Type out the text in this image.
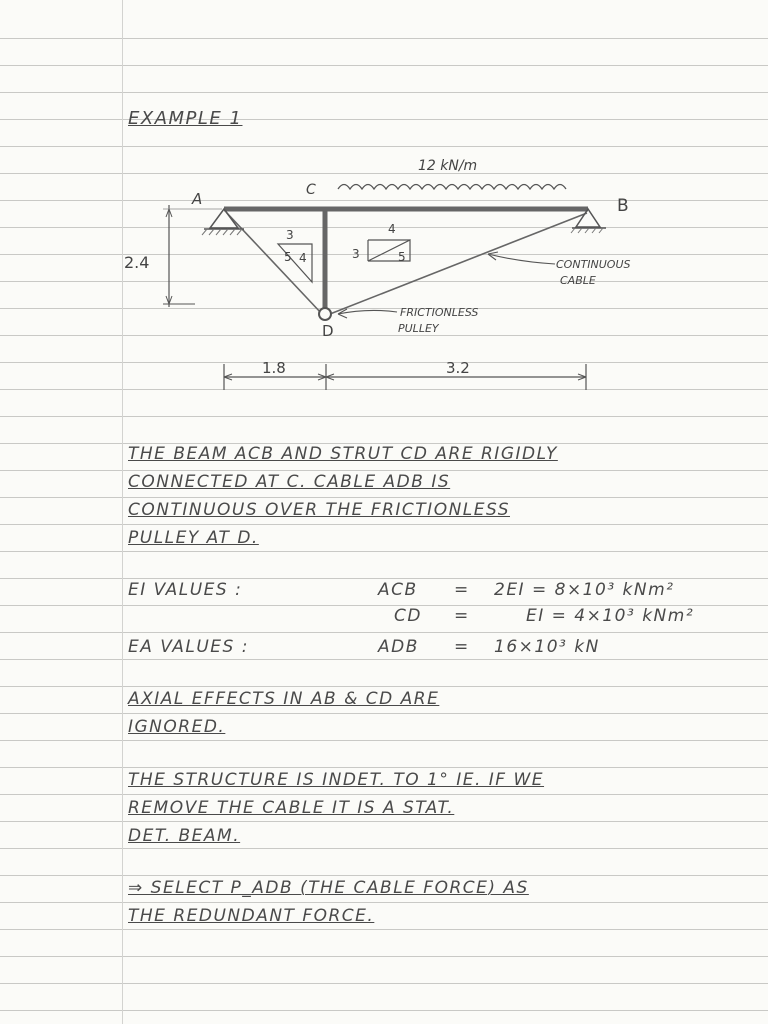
EXAMPLE 1
12 kN/m
A	C
B
D
2.4
3
4
5
4
3	5
CONTINUOUS
CABLE
FRICTIONLESS
PULLEY
1.8	3.2
THE BEAM ACB AND STRUT CD ARE RIGIDLY
CONNECTED AT C. CABLE ADB IS
CONTINUOUS OVER THE FRICTIONLESS
PULLEY AT D.
EI VALUES :	ACB = 2EI = 8×10³ kNm²
CD =	EI = 4×10³ kNm²
EA VALUES :	ADB = 16×10³ kN
AXIAL EFFECTS IN AB & CD ARE
IGNORED.
THE STRUCTURE IS INDET. TO 1° IE. IF WE
REMOVE THE CABLE IT IS A STAT.
DET. BEAM.
⇒ SELECT P_ADB (THE CABLE FORCE) AS
THE REDUNDANT FORCE.
